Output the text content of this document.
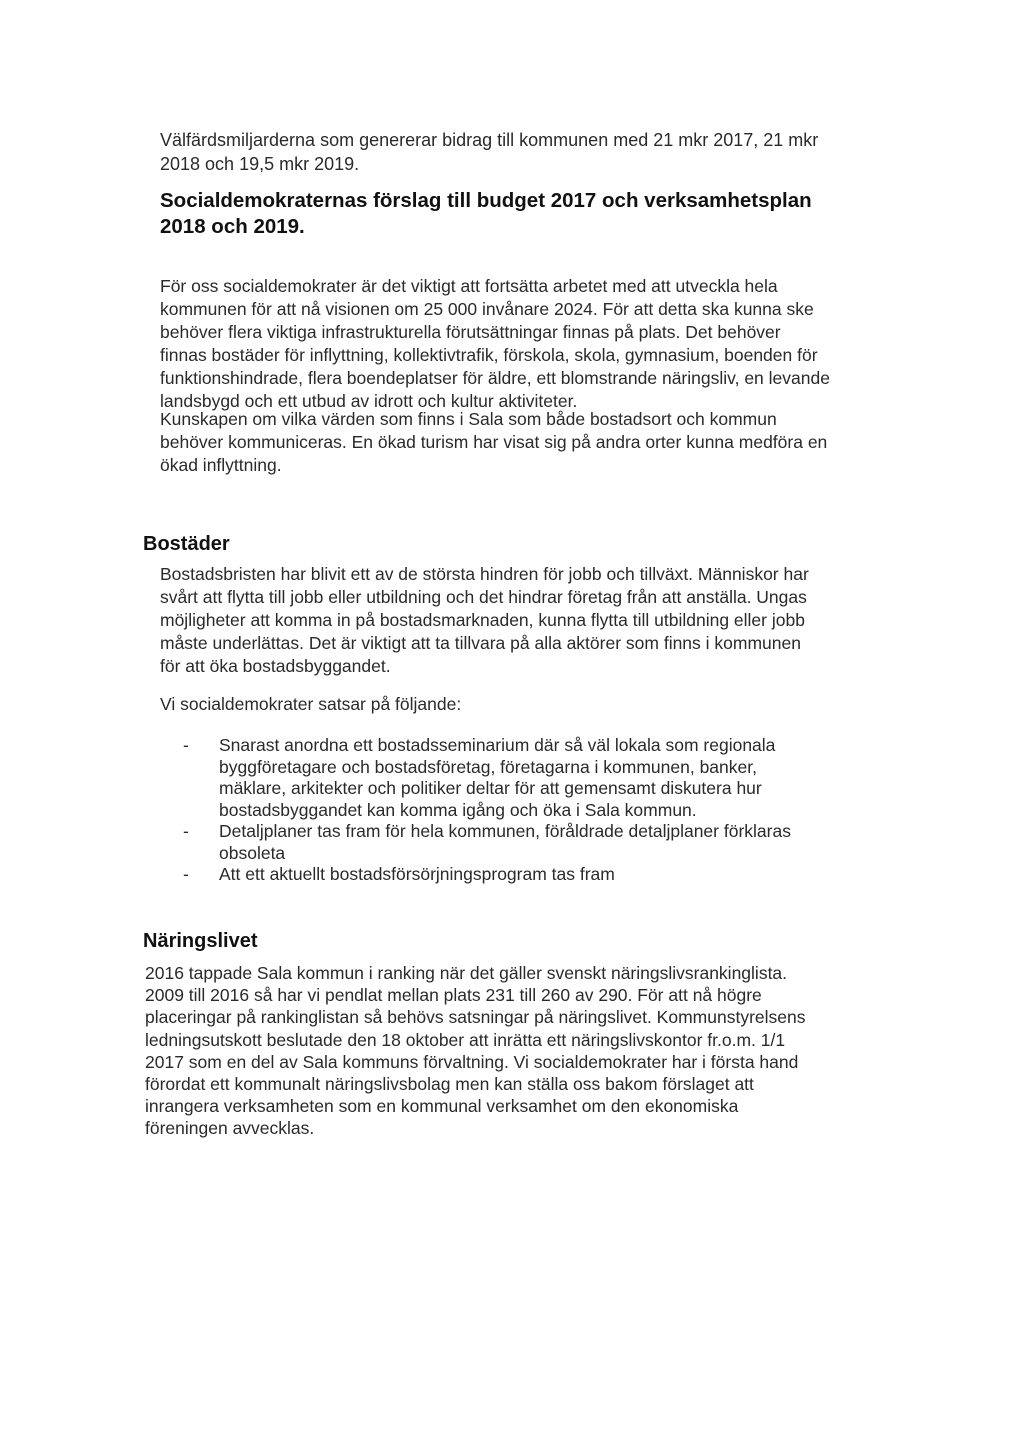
Välfärdsmiljarderna som genererar bidrag till kommunen med 21 mkr 2017, 21 mkr 2018 och 19,5 mkr 2019.

Socialdemokraternas förslag till budget 2017 och verksamhetsplan 2018 och 2019.

För oss socialdemokrater är det viktigt att fortsätta arbetet med att utveckla hela kommunen för att nå visionen om 25 000 invånare 2024. För att detta ska kunna ske behöver flera viktiga infrastrukturella förutsättningar finnas på plats. Det behöver finnas bostäder för inflyttning, kollektivtrafik, förskola, skola, gymnasium, boenden för funktionshindrade, flera boendeplatser för äldre, ett blomstrande näringsliv, en levande landsbygd och ett utbud av idrott och kultur aktiviteter.

Kunskapen om vilka värden som finns i Sala som både bostadsort och kommun behöver kommuniceras. En ökad turism har visat sig på andra orter kunna medföra en ökad inflyttning.

Bostäder

Bostadsbristen har blivit ett av de största hindren för jobb och tillväxt. Människor har svårt att flytta till jobb eller utbildning och det hindrar företag från att anställa. Ungas möjligheter att komma in på bostadsmarknaden, kunna flytta till utbildning eller jobb måste underlättas. Det är viktigt att ta tillvara på alla aktörer som finns i kommunen för att öka bostadsbyggandet.

Vi socialdemokrater satsar på följande:

- Snarast anordna ett bostadsseminarium där så väl lokala som regionala byggföretagare och bostadsföretag, företagarna i kommunen, banker, mäklare, arkitekter och politiker deltar för att gemensamt diskutera hur bostadsbyggandet kan komma igång och öka i Sala kommun.
- Detaljplaner tas fram för hela kommunen, föråldrade detaljplaner förklaras obsoleta
- Att ett aktuellt bostadsförsörjningsprogram tas fram
Näringslivet

2016 tappade Sala kommun i ranking när det gäller svenskt näringslivsrankinglista. 2009 till 2016 så har vi pendlat mellan plats 231 till 260 av 290. För att nå högre placeringar på rankinglistan så behövs satsningar på näringslivet. Kommunstyrelsens ledningsutskott beslutade den 18 oktober att inrätta ett näringslivskontor fr.o.m. 1/1 2017 som en del av Sala kommuns förvaltning. Vi socialdemokrater har i första hand förordat ett kommunalt näringslivsbolag men kan ställa oss bakom förslaget att inrangera verksamheten som en kommunal verksamhet om den ekonomiska föreningen avvecklas.
